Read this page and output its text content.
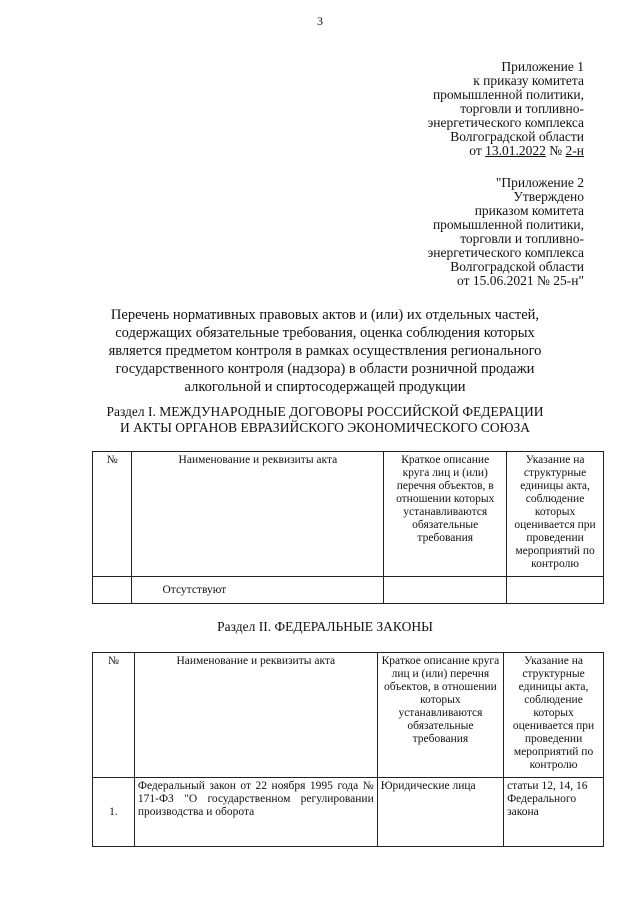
3
Приложение 1
к приказу комитета
промышленной политики,
торговли и топливно-
энергетического комплекса
Волгоградской области
от 13.01.2022 № 2-н
"Приложение 2
Утверждено
приказом комитета
промышленной политики,
торговли и топливно-
энергетического комплекса
Волгоградской области
от 15.06.2021 № 25-н"
Перечень нормативных правовых актов и (или) их отдельных частей,
содержащих обязательные требования, оценка соблюдения которых
является предметом контроля в рамках осуществления регионального
государственного контроля (надзора) в области розничной продажи
алкогольной и спиртосодержащей продукции
Раздел I. МЕЖДУНАРОДНЫЕ ДОГОВОРЫ РОССИЙСКОЙ ФЕДЕРАЦИИ
И АКТЫ ОРГАНОВ ЕВРАЗИЙСКОГО ЭКОНОМИЧЕСКОГО СОЮЗА
№	Наименование и реквизиты акта	Краткое описание круга лиц и (или) перечня объектов, в отношении которых устанавливаются обязательные требования	Указание на структурные единицы акта, соблюдение которых оценивается при проведении мероприятий по контролю
	Отсутствуют		
Раздел II. ФЕДЕРАЛЬНЫЕ ЗАКОНЫ
№	Наименование и реквизиты акта	Краткое описание круга лиц и (или) перечня объектов, в отношении которых устанавливаются обязательные требования	Указание на структурные единицы акта, соблюдение которых оценивается при проведении мероприятий по контролю
1.	Федеральный закон от 22 ноября 1995 года № 171-ФЗ "О государственном регулировании производства и оборота	Юридические лица	статьи 12, 14, 16 Федерального закона
